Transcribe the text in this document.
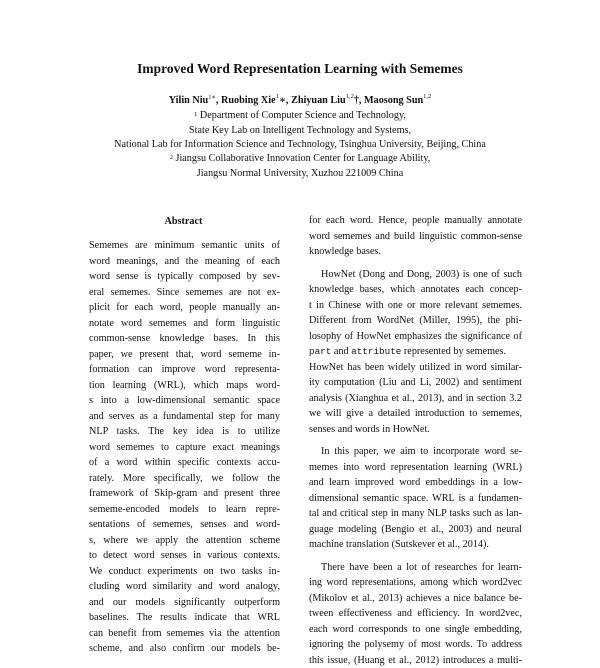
Improved Word Representation Learning with Sememes
Yilin Niu$^{1∗}$, Ruobing Xie$^1$∗, Zhiyuan Liu$^{1,2}$†, Maosong Sun$^{1,2}$
$^1$ Department of Computer Science and Technology,
State Key Lab on Intelligent Technology and Systems,
National Lab for Information Science and Technology, Tsinghua University, Beijing, China
$^2$ Jiangsu Collaborative Innovation Center for Language Ability,
Jiangsu Normal University, Xuzhou 221009 China
Abstract
Sememes are minimum semantic units of
word meanings, and the meaning of each
word sense is typically composed by sev-
eral sememes. Since sememes are not ex-
plicit for each word, people manually an-
notate word sememes and form linguistic
common-sense knowledge bases. In this
paper, we present that, word sememe in-
formation can improve word representa-
tion learning (WRL), which maps word-
s into a low-dimensional semantic space
and serves as a fundamental step for many
NLP tasks. The key idea is to utilize
word sememes to capture exact meanings
of a word within specific contexts accu-
rately. More specifically, we follow the
framework of Skip-gram and present three
sememe-encoded models to learn repre-
sentations of sememes, senses and word-
s, where we apply the attention scheme
to detect word senses in various contexts.
We conduct experiments on two tasks in-
cluding word similarity and word analogy,
and our models significantly outperform
baselines. The results indicate that WRL
can benefit from sememes via the attention
scheme, and also confirm our models be-
for each word. Hence, people manually annotate
word sememes and build linguistic common-sense
knowledge bases.
HowNet (Dong and Dong, 2003) is one of such
knowledge bases, which annotates each concep-
t in Chinese with one or more relevant sememes.
Different from WordNet (Miller, 1995), the phi-
losophy of HowNet emphasizes the significance of
part and attribute represented by sememes.
HowNet has been widely utilized in word similar-
ity computation (Liu and Li, 2002) and sentiment
analysis (Xianghua et al., 2013), and in section 3.2
we will give a detailed introduction to sememes,
senses and words in HowNet.
In this paper, we aim to incorporate word se-
memes into word representation learning (WRL)
and learn improved word embeddings in a low-
dimensional semantic space. WRL is a fundamen-
tal and critical step in many NLP tasks such as lan-
guage modeling (Bengio et al., 2003) and neural
machine translation (Sutskever et al., 2014).
There have been a lot of researches for learn-
ing word representations, among which word2vec
(Mikolov et al., 2013) achieves a nice balance be-
tween effectiveness and efficiency. In word2vec,
each word corresponds to one single embedding,
ignoring the polysemy of most words. To address
this issue, (Huang et al., 2012) introduces a multi-
